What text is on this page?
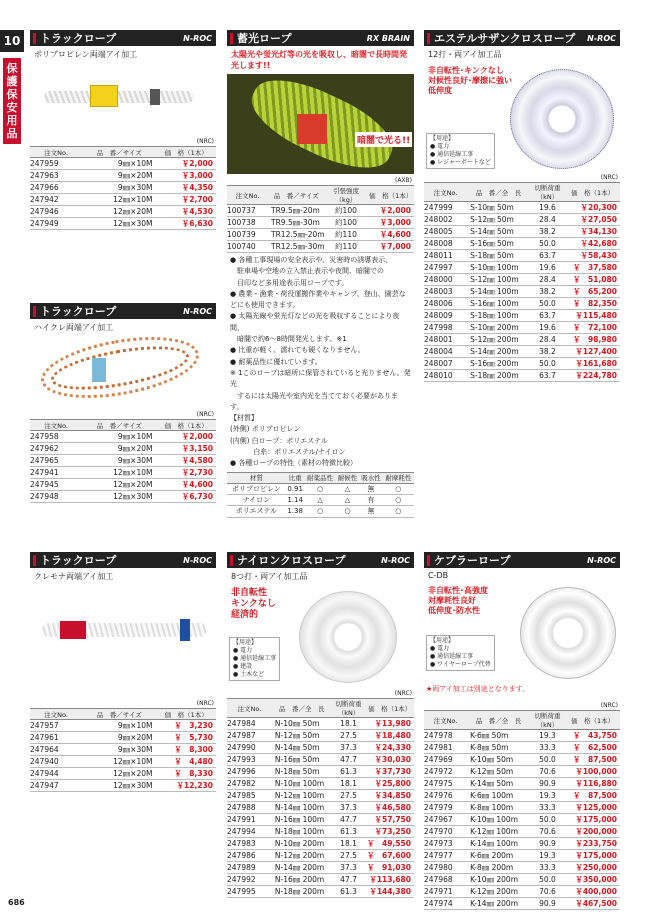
10
保
護
保
安
用
品
686
トラックロープ	N-ROC
ポリプロピレン両端アイ加工
(NRC)
注文No.	品　番／サイズ	価　格（1本）
247959	9㎜×10M	￥2,000
247963	9㎜×20M	￥3,000
247966	9㎜×30M	￥4,350
247942	12㎜×10M	￥2,700
247946	12㎜×20M	￥4,530
247949	12㎜×30M	￥6,630
トラックロープ	N-ROC
ハイクレ両端アイ加工
(NRC)
注文No.	品　番／サイズ	価　格（1本）
247958	9㎜×10M	￥2,000
247962	9㎜×20M	￥3,150
247965	9㎜×30M	￥4,580
247941	12㎜×10M	￥2,730
247945	12㎜×20M	￥4,600
247948	12㎜×30M	￥6,730
トラックロープ	N-ROC
クレモナ両端アイ加工
(NRC)
注文No.	品　番／サイズ	価　格（1本）
247957	9㎜×10M	￥　3,230
247961	9㎜×20M	￥　5,730
247964	9㎜×30M	￥　8,300
247940	12㎜×10M	￥　4,480
247944	12㎜×20M	￥　8,330
247947	12㎜×30M	￥12,230
蓄光ロープ	RX BRAIN
太陽光や蛍光灯等の光を吸収し、暗闇で長時間発光します!!
暗闇で光る!!
(AXB)
注文No.	品　番／サイズ	引張強度（kg）	価　格（1本）
100737	TR9.5㎜-20m	約100	￥2,000
100738	TR9.5㎜-30m	約100	￥3,000
100739	TR12.5㎜-20m	約110	￥4,600
100740	TR12.5㎜-30m	約110	￥7,000
● 各種工事現場の安全表示や、災害時の誘導表示、
　駐車場や空地の立入禁止表示や夜間、暗闇での
　目印など多用途表示用ロープです。
● 農業・漁業・荷役運搬作業やキャンプ、登山、園芸などにも使用できます。
● 太陽光線や蛍光灯などの光を吸収することにより夜間、
　暗闇で約6～8時間発光します。※1
● 比重が軽く、濡れても硬くなりません。
● 耐薬品性に優れています。
※ 1このロープは暗所に保管されていると光りません。発光
　するには太陽光や室内光を当てておく必要があります。
【材質】
(外側) ポリプロピレン
(内側) 白ロープ：ポリエステル
　　　 白糸：ポリエステル/ナイロン
● 各種ロープの特性（素材の特徴比較）
材質	比重	耐薬品性	耐候性	吸水性	耐摩耗性
ポリプロピレン	0.91	○	△	無	○
ナイロン	1.14	△	△	有	○
ポリエステル	1.38	○	○	無	○
ナイロンクロスロープ	N-ROC
8つ打・両アイ加工品
非自転性
キンクなし
経済的
【用途】
● 電力
● 通信延線工事
● 建設
● 土木など
(NRC)
注文No.	品　番／全　長	切断荷重（kN）	価　格（1本）
247984	N-10㎜ 50m	18.1	￥13,980
247987	N-12㎜ 50m	27.5	￥18,480
247990	N-14㎜ 50m	37.3	￥24,330
247993	N-16㎜ 50m	47.7	￥30,030
247996	N-18㎜ 50m	61.3	￥37,730
247982	N-10㎜ 100m	18.1	￥25,800
247985	N-12㎜ 100m	27.5	￥34,850
247988	N-14㎜ 100m	37.3	￥46,580
247991	N-16㎜ 100m	47.7	￥57,750
247994	N-18㎜ 100m	61.3	￥73,250
247983	N-10㎜ 200m	18.1	￥　49,550
247986	N-12㎜ 200m	27.5	￥　67,600
247989	N-14㎜ 200m	37.3	￥　91,030
247992	N-16㎜ 200m	47.7	￥113,680
247995	N-18㎜ 200m	61.3	￥144,380
エステルサザンクロスロープ N-ROC
12打・両アイ加工品
非自転性･キンクなし
対候性良好･摩擦に強い
低伸度
【用途】
● 電力
● 通信延線工事
● レジャーボートなど
(NRC)
注文No.	品　番／全　長	切断荷重（kN）	価　格（1本）
247999	S-10㎜ 50m	19.6	￥20,300
248002	S-12㎜ 50m	28.4	￥27,050
248005	S-14㎜ 50m	38.2	￥34,130
248008	S-16㎜ 50m	50.0	￥42,680
248011	S-18㎜ 50m	63.7	￥58,430
247997	S-10㎜ 100m	19.6	￥　37,580
248000	S-12㎜ 100m	28.4	￥　51,080
248003	S-14㎜ 100m	38.2	￥　65,200
248006	S-16㎜ 100m	50.0	￥　82,350
248009	S-18㎜ 100m	63.7	￥115,480
247998	S-10㎜ 200m	19.6	￥　72,100
248001	S-12㎜ 200m	28.4	￥　98,980
248004	S-14㎜ 200m	38.2	￥127,400
248007	S-16㎜ 200m	50.0	￥161,680
248010	S-18㎜ 200m	63.7	￥224,780
ケブラーロープ	N-ROC
C-DB
非自転性･高強度
対摩耗性良好
低伸度･防水性
【用途】
● 電力
● 通信延線工事
● ワイヤーロープ代替
★両アイ加工は別途となります。
(NRC)
注文No.	品　番／全　長	切断荷重（kN）	価　格（1本）
247978	K-6㎜ 50m	19.3	￥　43,750
247981	K-8㎜ 50m	33.3	￥　62,500
247969	K-10㎜ 50m	50.0	￥　87,500
247972	K-12㎜ 50m	70.6	￥100,000
247975	K-14㎜ 50m	90.9	￥116,880
247976	K-6㎜ 100m	19.3	￥　87,500
247979	K-8㎜ 100m	33.3	￥125,000
247967	K-10㎜ 100m	50.0	￥175,000
247970	K-12㎜ 100m	70.6	￥200,000
247973	K-14㎜ 100m	90.9	￥233,750
247977	K-6㎜ 200m	19.3	￥175,000
247980	K-8㎜ 200m	33.3	￥250,000
247968	K-10㎜ 200m	50.0	￥350,000
247971	K-12㎜ 200m	70.6	￥400,000
247974	K-14㎜ 200m	90.9	￥467,500
